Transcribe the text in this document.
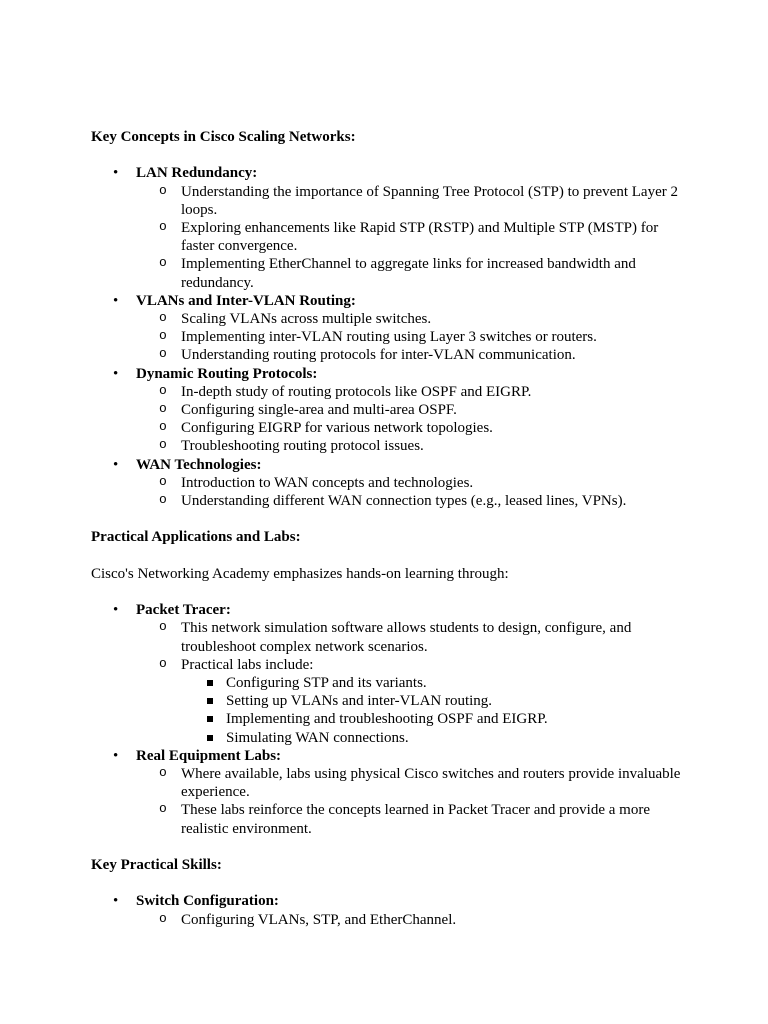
Key Concepts in Cisco Scaling Networks:

• LAN Redundancy:
o Understanding the importance of Spanning Tree Protocol (STP) to prevent Layer 2 loops.
o Exploring enhancements like Rapid STP (RSTP) and Multiple STP (MSTP) for faster convergence.
o Implementing EtherChannel to aggregate links for increased bandwidth and redundancy.
• VLANs and Inter-VLAN Routing:
o Scaling VLANs across multiple switches.
o Implementing inter-VLAN routing using Layer 3 switches or routers.
o Understanding routing protocols for inter-VLAN communication.
• Dynamic Routing Protocols:
o In-depth study of routing protocols like OSPF and EIGRP.
o Configuring single-area and multi-area OSPF.
o Configuring EIGRP for various network topologies.
o Troubleshooting routing protocol issues.
• WAN Technologies:
o Introduction to WAN concepts and technologies.
o Understanding different WAN connection types (e.g., leased lines, VPNs).

Practical Applications and Labs:

Cisco's Networking Academy emphasizes hands-on learning through:

• Packet Tracer:
o This network simulation software allows students to design, configure, and troubleshoot complex network scenarios.
o Practical labs include:
Configuring STP and its variants.
Setting up VLANs and inter-VLAN routing.
Implementing and troubleshooting OSPF and EIGRP.
Simulating WAN connections.
• Real Equipment Labs:
o Where available, labs using physical Cisco switches and routers provide invaluable experience.
o These labs reinforce the concepts learned in Packet Tracer and provide a more realistic environment.

Key Practical Skills:

• Switch Configuration:
o Configuring VLANs, STP, and EtherChannel.
